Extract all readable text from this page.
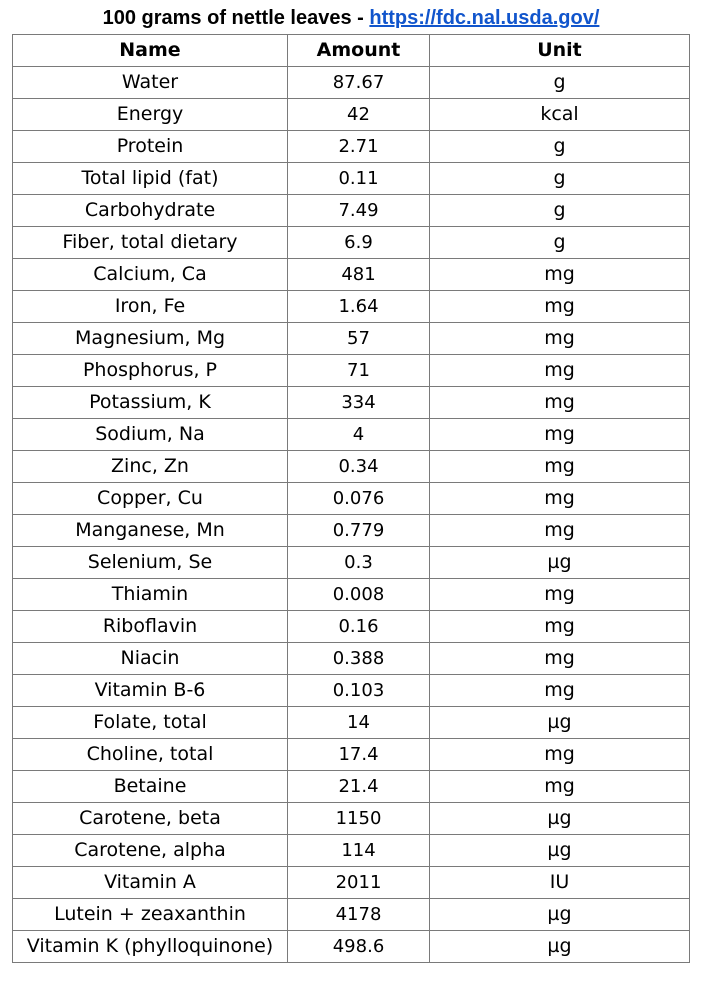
100 grams of nettle leaves - https://fdc.nal.usda.gov/
Name	Amount	Unit
Water	87.67	g
Energy	42	kcal
Protein	2.71	g
Total lipid (fat)	0.11	g
Carbohydrate	7.49	g
Fiber, total dietary	6.9	g
Calcium, Ca	481	mg
Iron, Fe	1.64	mg
Magnesium, Mg	57	mg
Phosphorus, P	71	mg
Potassium, K	334	mg
Sodium, Na	4	mg
Zinc, Zn	0.34	mg
Copper, Cu	0.076	mg
Manganese, Mn	0.779	mg
Selenium, Se	0.3	µg
Thiamin	0.008	mg
Riboflavin	0.16	mg
Niacin	0.388	mg
Vitamin B-6	0.103	mg
Folate, total	14	µg
Choline, total	17.4	mg
Betaine	21.4	mg
Carotene, beta	1150	µg
Carotene, alpha	114	µg
Vitamin A	2011	IU
Lutein + zeaxanthin	4178	µg
Vitamin K (phylloquinone)	498.6	µg
